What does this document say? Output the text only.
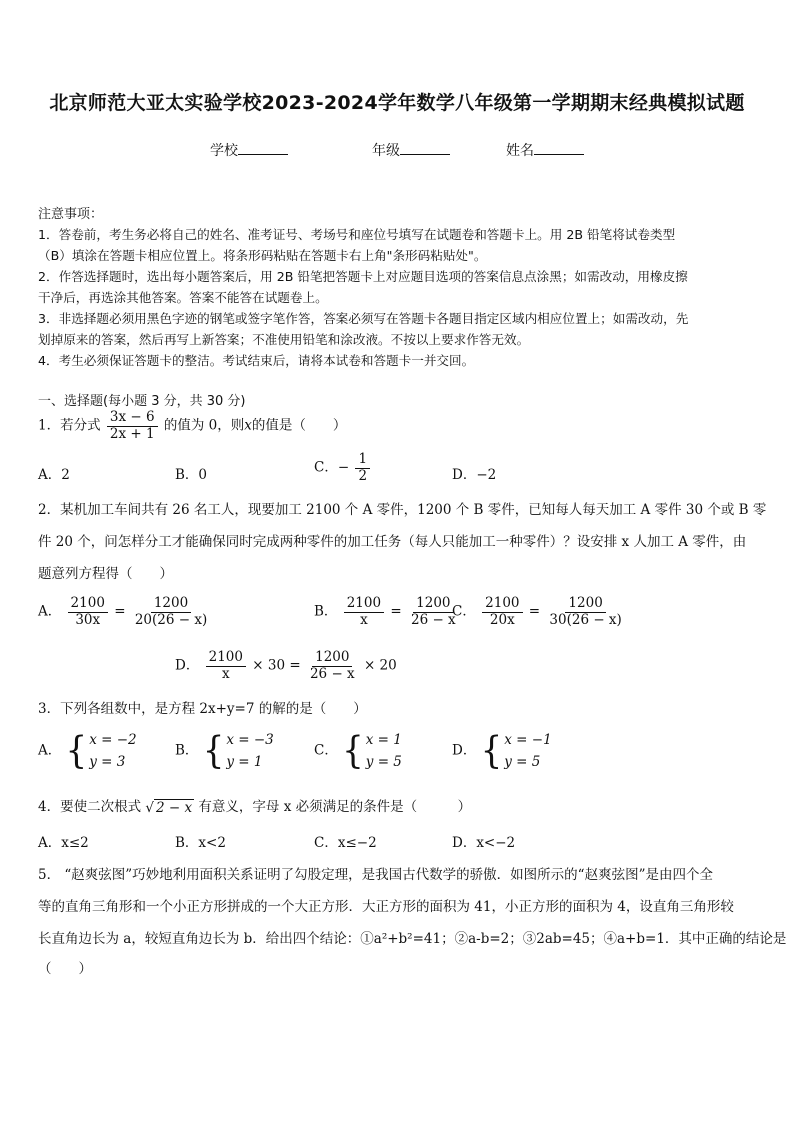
北京师范大亚太实验学校2023-2024学年数学八年级第一学期期末经典模拟试题
学校	年级	姓名
注意事项：
1．答卷前，考生务必将自己的姓名、准考证号、考场号和座位号填写在试题卷和答题卡上。用 2B 铅笔将试卷类型
（B）填涂在答题卡相应位置上。将条形码粘贴在答题卡右上角"条形码粘贴处"。
2．作答选择题时，选出每小题答案后，用 2B 铅笔把答题卡上对应题目选项的答案信息点涂黑；如需改动，用橡皮擦
干净后，再选涂其他答案。答案不能答在试题卷上。
3．非选择题必须用黑色字迹的钢笔或签字笔作答，答案必须写在答题卡各题目指定区域内相应位置上；如需改动，先
划掉原来的答案，然后再写上新答案；不准使用铅笔和涂改液。不按以上要求作答无效。
4．考生必须保证答题卡的整洁。考试结束后，请将本试卷和答题卡一并交回。
一、选择题(每小题 3 分，共 30 分)
1．若分式 $\frac{3x - 6}{2x + 1}$ 的值为 0，则x的值是（　　）
A．2	B．0	C．− $\frac{1}{2}$	D．−2
2．某机加工车间共有 26 名工人，现要加工 2100 个 A 零件，1200 个 B 零件，已知每人每天加工 A 零件 30 个或 B 零
件 20 个，问怎样分工才能确保同时完成两种零件的加工任务（每人只能加工一种零件）？设安排 x 人加工 A 零件，由
题意列方程得（　　）
A． $\frac{2100}{30x} = \frac{1200}{20(26 - x)}$	B． $\frac{2100}{x} = \frac{1200}{26 - x}$
C． $\frac{2100}{20x} = \frac{1200}{30(26 - x)}$
D． $\frac{2100}{x} \times 30 = \frac{1200}{26 - x} \times 20$
3．下列各组数中，是方程 2x+y=7 的解的是（　　）
A． { x = −2
y = 3
B． { x = −3
y = 1
C． { x = 1
y = 5
D． { x = −1
y = 5
4．要使二次根式 √ 2 − x 有意义，字母 x 必须满足的条件是（　　　）
A．x≤2	B．x<2	C．x≤−2	D．x<−2
5． “赵爽弦图”巧妙地利用面积关系证明了勾股定理，是我国古代数学的骄傲．如图所示的“赵爽弦图”是由四个全
等的直角三角形和一个小正方形拼成的一个大正方形．大正方形的面积为 41，小正方形的面积为 4，设直角三角形较
长直角边长为 a，较短直角边长为 b．给出四个结论：①a²+b²=41；②a-b=2；③2ab=45；④a+b=1．其中正确的结论是
（　　）
